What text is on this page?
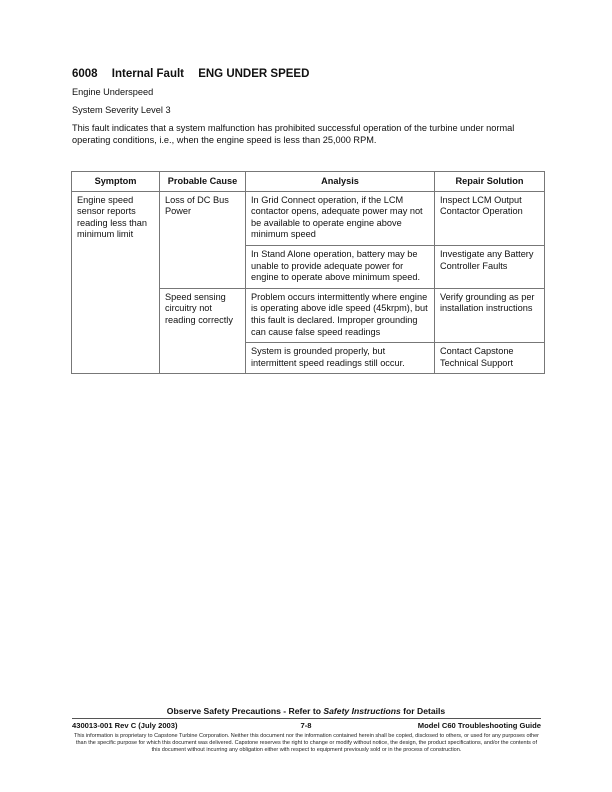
6008 Internal Fault ENG UNDER SPEED
Engine Underspeed
System Severity Level 3
This fault indicates that a system malfunction has prohibited successful operation of the turbine under normal operating conditions, i.e., when the engine speed is less than 25,000 RPM.
Symptom	Probable Cause	Analysis	Repair Solution
Engine speed sensor reports reading less than minimum limit	Loss of DC Bus Power	In Grid Connect operation, if the LCM contactor opens, adequate power may not be available to operate engine above minimum speed	Inspect LCM Output Contactor Operation
		In Stand Alone operation, battery may be unable to provide adequate power for engine to operate above minimum speed.	Investigate any Battery Controller Faults
	Speed sensing circuitry not reading correctly	Problem occurs intermittently where engine is operating above idle speed (45krpm), but this fault is declared. Improper grounding can cause false speed readings	Verify grounding as per installation instructions
		System is grounded properly, but intermittent speed readings still occur.	Contact Capstone Technical Support
Observe Safety Precautions - Refer to Safety Instructions for Details
430013-001 Rev C (July 2003)	7-8	Model C60 Troubleshooting Guide
This information is proprietary to Capstone Turbine Corporation. Neither this document nor the information contained herein shall be copied, disclosed to others, or used for any purposes other than the specific purpose for which this document was delivered. Capstone reserves the right to change or modify without notice, the design, the product specifications, and/or the contents of this document without incurring any obligation either with respect to equipment previously sold or in the process of construction.
